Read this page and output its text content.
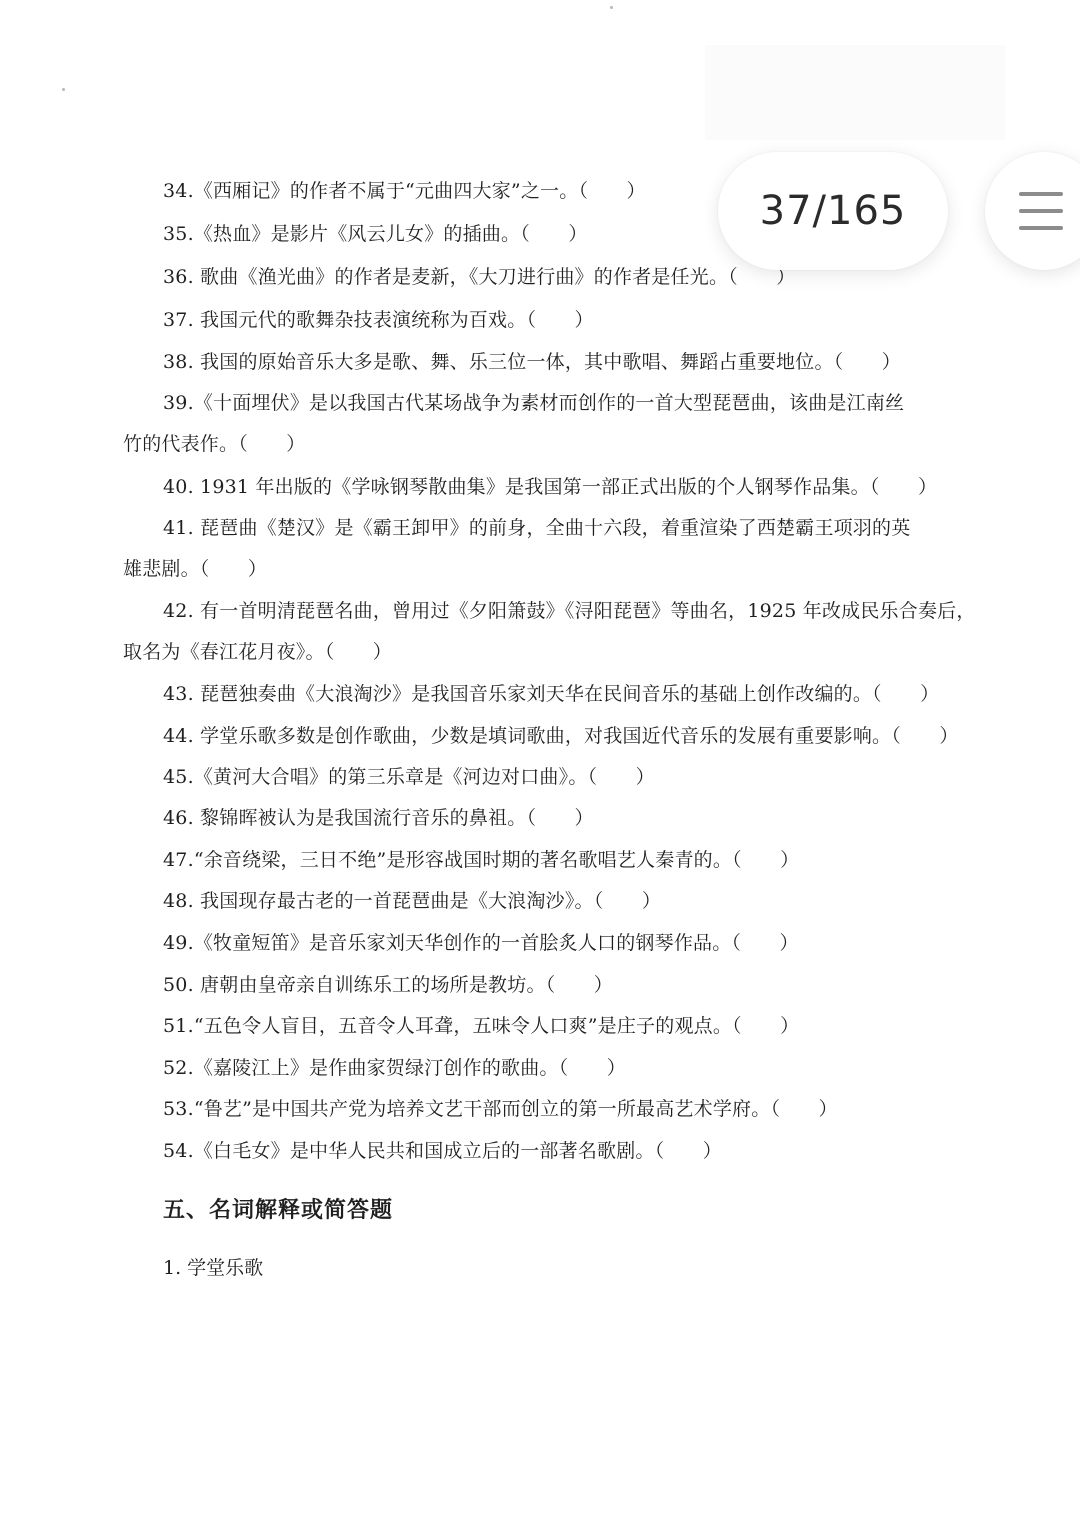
34.《西厢记》的作者不属于“元曲四大家”之一。（　　）
35.《热血》是影片《风云儿女》的插曲。（　　）
36. 歌曲《渔光曲》的作者是麦新，《大刀进行曲》的作者是任光。（　　）
37. 我国元代的歌舞杂技表演统称为百戏。（　　）
38. 我国的原始音乐大多是歌、舞、乐三位一体，其中歌唱、舞蹈占重要地位。（　　）
39.《十面埋伏》是以我国古代某场战争为素材而创作的一首大型琵琶曲，该曲是江南丝
竹的代表作。（　　）
40. 1931 年出版的《学咏钢琴散曲集》是我国第一部正式出版的个人钢琴作品集。（　　）
41. 琵琶曲《楚汉》是《霸王卸甲》的前身，全曲十六段，着重渲染了西楚霸王项羽的英
雄悲剧。（　　）
42. 有一首明清琵琶名曲，曾用过《夕阳箫鼓》《浔阳琵琶》等曲名，1925 年改成民乐合奏后，
取名为《春江花月夜》。（　　）
43. 琵琶独奏曲《大浪淘沙》是我国音乐家刘天华在民间音乐的基础上创作改编的。（　　）
44. 学堂乐歌多数是创作歌曲，少数是填词歌曲，对我国近代音乐的发展有重要影响。（　　）
45.《黄河大合唱》的第三乐章是《河边对口曲》。（　　）
46. 黎锦晖被认为是我国流行音乐的鼻祖。（　　）
47.“余音绕梁，三日不绝”是形容战国时期的著名歌唱艺人秦青的。（　　）
48. 我国现存最古老的一首琵琶曲是《大浪淘沙》。（　　）
49.《牧童短笛》是音乐家刘天华创作的一首脍炙人口的钢琴作品。（　　）
50. 唐朝由皇帝亲自训练乐工的场所是教坊。（　　）
51.“五色令人盲目，五音令人耳聋，五味令人口爽”是庄子的观点。（　　）
52.《嘉陵江上》是作曲家贺绿汀创作的歌曲。（　　）
53.“鲁艺”是中国共产党为培养文艺干部而创立的第一所最高艺术学府。（　　）
54.《白毛女》是中华人民共和国成立后的一部著名歌剧。（　　）
五、名词解释或简答题
1. 学堂乐歌
37/165
